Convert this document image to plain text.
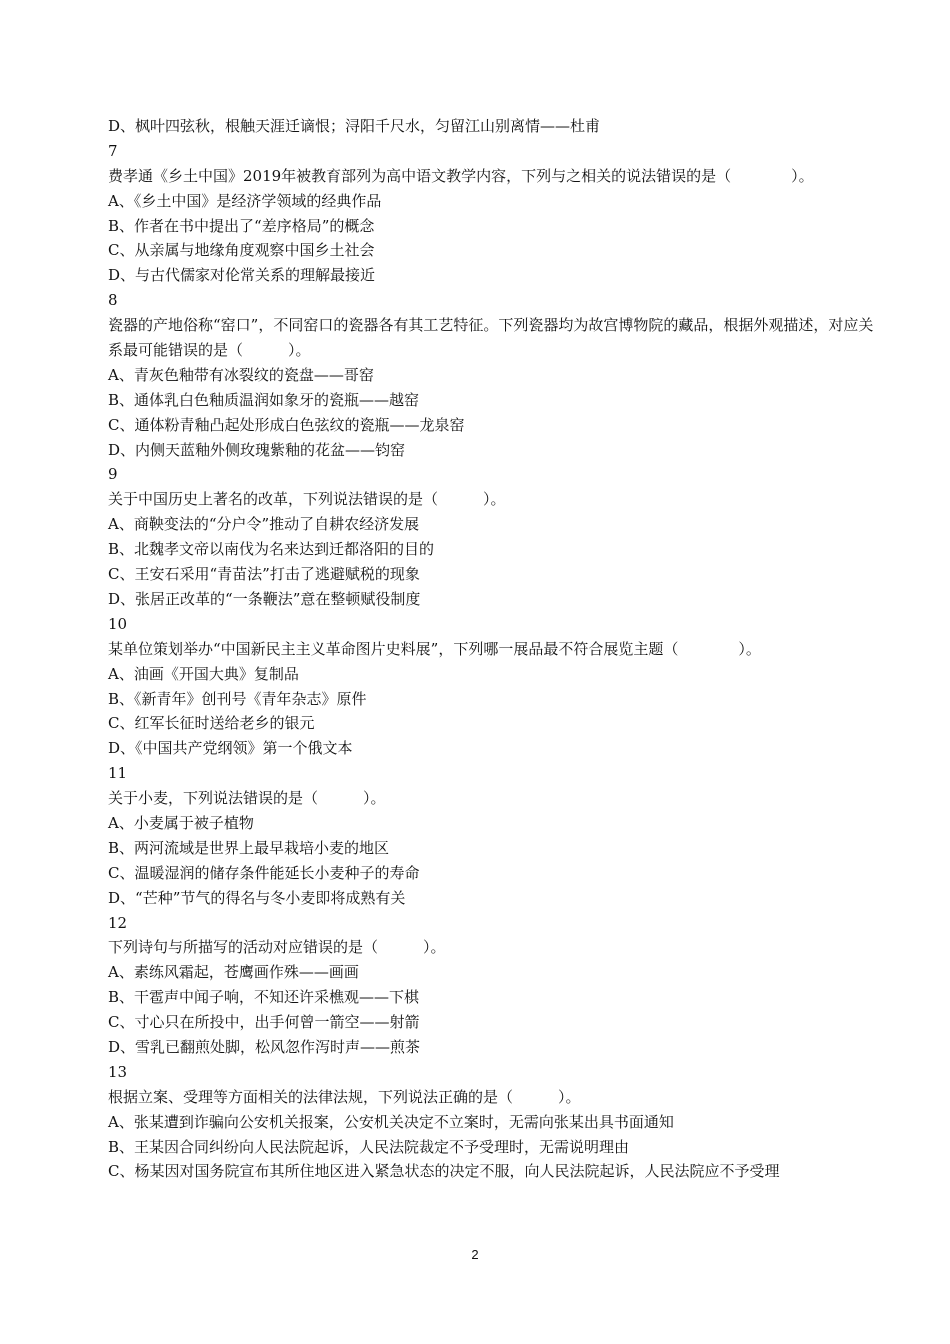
D、枫叶四弦秋，根触天涯迁谪恨；浔阳千尺水，匀留江山别离情——杜甫
7
费孝通《乡土中国》2019年被教育部列为高中语文教学内容，下列与之相关的说法错误的是（　　　　）。
A、《乡土中国》是经济学领域的经典作品
B、作者在书中提出了“差序格局”的概念
C、从亲属与地缘角度观察中国乡土社会
D、与古代儒家对伦常关系的理解最接近
8
瓷器的产地俗称“窑口”，不同窑口的瓷器各有其工艺特征。下列瓷器均为故宫博物院的藏品，根据外观描述，对应关系最可能错误的是（　　　）。
A、青灰色釉带有冰裂纹的瓷盘——哥窑
B、通体乳白色釉质温润如象牙的瓷瓶——越窑
C、通体粉青釉凸起处形成白色弦纹的瓷瓶——龙泉窑
D、内侧天蓝釉外侧玫瑰紫釉的花盆——钧窑
9
关于中国历史上著名的改革，下列说法错误的是（　　　）。
A、商鞅变法的“分户令”推动了自耕农经济发展
B、北魏孝文帝以南伐为名来达到迁都洛阳的目的
C、王安石采用“青苗法”打击了逃避赋税的现象
D、张居正改革的“一条鞭法”意在整顿赋役制度
10
某单位策划举办“中国新民主主义革命图片史料展”，下列哪一展品最不符合展览主题（　　　　）。
A、油画《开国大典》复制品
B、《新青年》创刊号《青年杂志》原件
C、红军长征时送给老乡的银元
D、《中国共产党纲领》第一个俄文本
11
关于小麦，下列说法错误的是（　　　）。
A、小麦属于被子植物
B、两河流域是世界上最早栽培小麦的地区
C、温暖湿润的储存条件能延长小麦种子的寿命
D、“芒种”节气的得名与冬小麦即将成熟有关
12
下列诗句与所描写的活动对应错误的是（　　　）。
A、素练风霜起，苍鹰画作殊——画画
B、干雹声中闻子响，不知还许采樵观——下棋
C、寸心只在所投中，出手何曾一箭空——射箭
D、雪乳已翻煎处脚，松风忽作泻时声——煎茶
13
根据立案、受理等方面相关的法律法规，下列说法正确的是（　　　）。
A、张某遭到诈骗向公安机关报案，公安机关决定不立案时，无需向张某出具书面通知
B、王某因合同纠纷向人民法院起诉，人民法院裁定不予受理时，无需说明理由
C、杨某因对国务院宣布其所住地区进入紧急状态的决定不服，向人民法院起诉，人民法院应不予受理
2
